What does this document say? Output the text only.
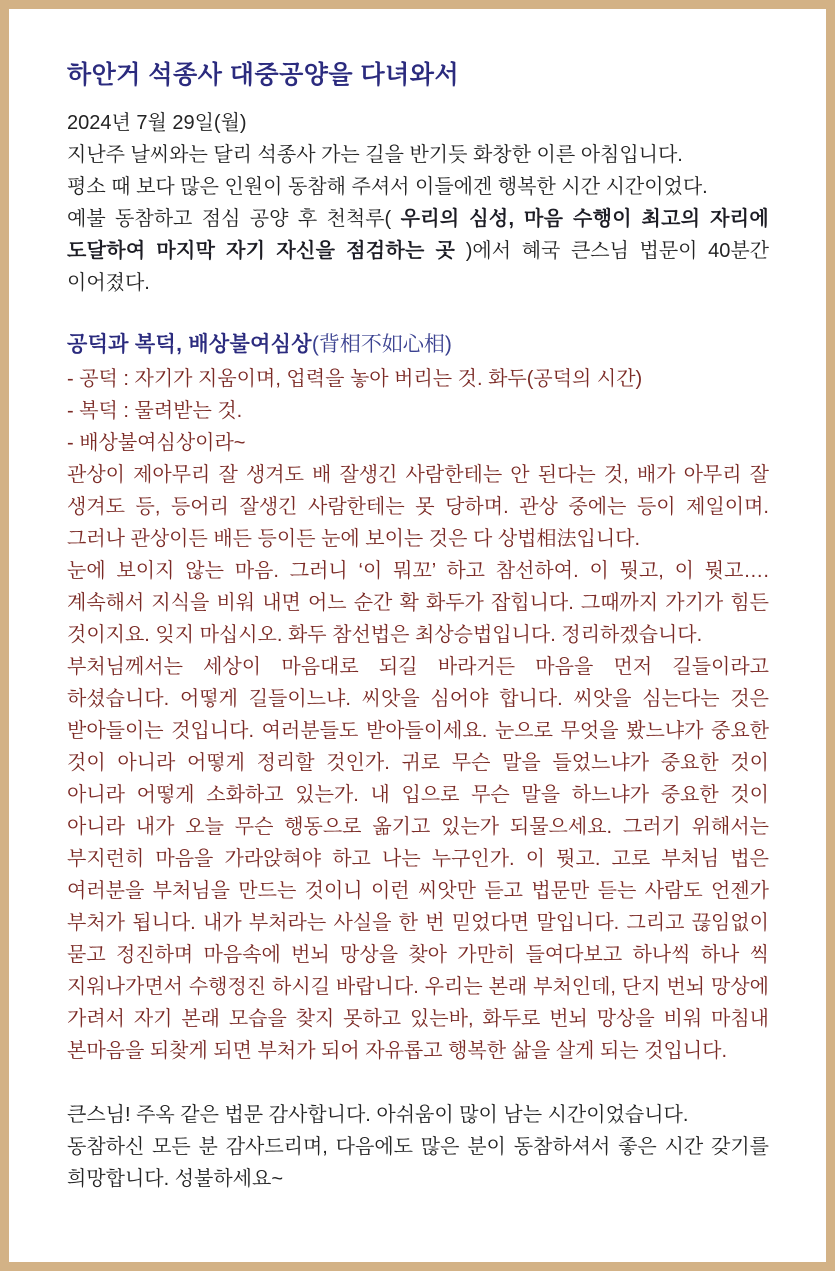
하안거 석종사 대중공양을 다녀와서

2024년 7월 29일(월)

지난주 날씨와는 달리 석종사 가는 길을 반기듯 화창한 이른 아침입니다.

평소 때 보다 많은 인원이 동참해 주셔서 이들에겐 행복한 시간 시간이었다.

예불 동참하고 점심 공양 후 천척루( 우리의 심성, 마음 수행이 최고의 자리에 도달하여 마지막 자기 자신을 점검하는 곳 )에서 혜국 큰스님 법문이 40분간 이어졌다.

공덕과 복덕, 배상불여심상(背相不如心相)

- 공덕 : 자기가 지움이며, 업력을 놓아 버리는 것. 화두(공덕의 시간)

- 복덕 : 물려받는 것.

- 배상불여심상이라~

관상이 제아무리 잘 생겨도 배 잘생긴 사람한테는 안 된다는 것, 배가 아무리 잘 생겨도 등, 등어리 잘생긴 사람한테는 못 당하며. 관상 중에는 등이 제일이며. 그러나 관상이든 배든 등이든 눈에 보이는 것은 다 상법相法입니다.

눈에 보이지 않는 마음. 그러니 ‘이 뭐꼬’ 하고 참선하여. 이 뭣고, 이 뭣고…. 계속해서 지식을 비워 내면 어느 순간 확 화두가 잡힙니다. 그때까지 가기가 힘든 것이지요. 잊지 마십시오. 화두 참선법은 최상승법입니다. 정리하겠습니다.

부처님께서는 세상이 마음대로 되길 바라거든 마음을 먼저 길들이라고 하셨습니다. 어떻게 길들이느냐. 씨앗을 심어야 합니다. 씨앗을 심는다는 것은 받아들이는 것입니다. 여러분들도 받아들이세요. 눈으로 무엇을 봤느냐가 중요한 것이 아니라 어떻게 정리할 것인가. 귀로 무슨 말을 들었느냐가 중요한 것이 아니라 어떻게 소화하고 있는가. 내 입으로 무슨 말을 하느냐가 중요한 것이 아니라 내가 오늘 무슨 행동으로 옮기고 있는가 되물으세요. 그러기 위해서는 부지런히 마음을 가라앉혀야 하고 나는 누구인가. 이 뭣고. 고로 부처님 법은 여러분을 부처님을 만드는 것이니 이런 씨앗만 듣고 법문만 듣는 사람도 언젠가 부처가 됩니다. 내가 부처라는 사실을 한 번 믿었다면 말입니다. 그리고 끊임없이 묻고 정진하며 마음속에 번뇌 망상을 찾아 가만히 들여다보고 하나씩 하나 씩 지워나가면서 수행정진 하시길 바랍니다. 우리는 본래 부처인데, 단지 번뇌 망상에 가려서 자기 본래 모습을 찾지 못하고 있는바, 화두로 번뇌 망상을 비워 마침내 본마음을 되찾게 되면 부처가 되어 자유롭고 행복한 삶을 살게 되는 것입니다.

큰스님! 주옥 같은 법문 감사합니다. 아쉬움이 많이 남는 시간이었습니다.

동참하신 모든 분 감사드리며, 다음에도 많은 분이 동참하셔서 좋은 시간 갖기를 희망합니다. 성불하세요~
